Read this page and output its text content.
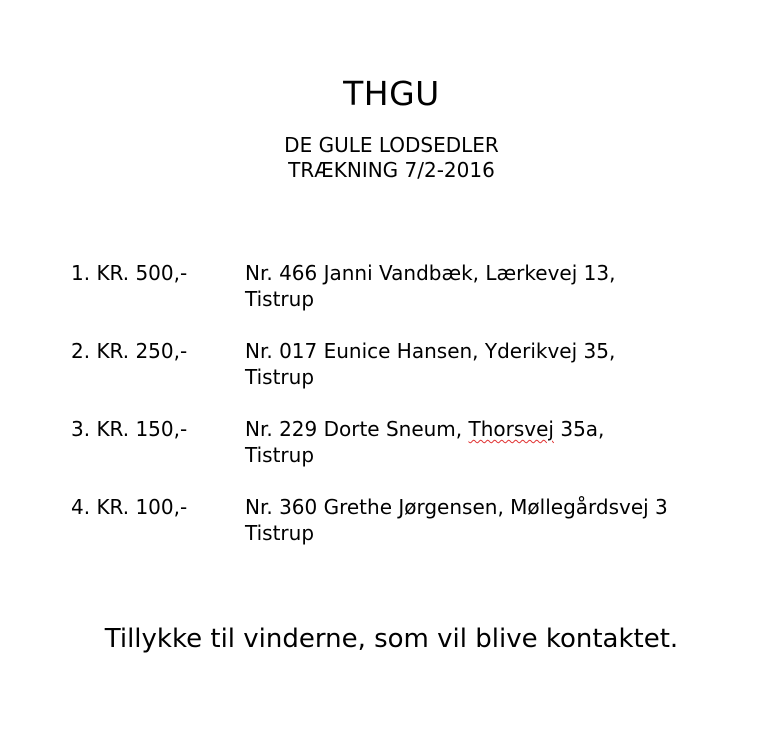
THGU
DE GULE LODSEDLER
TRÆKNING 7/2-2016
1. KR. 500,-	Nr. 466 Janni Vandbæk, Lærkevej 13,
Tistrup
2. KR. 250,-	Nr. 017 Eunice Hansen, Yderikvej 35,
Tistrup
3. KR. 150,-	Nr. 229 Dorte Sneum, Thorsvej 35a,
Tistrup
4. KR. 100,-	Nr. 360 Grethe Jørgensen, Møllegårdsvej 3
Tistrup
Tillykke til vinderne, som vil blive kontaktet.
